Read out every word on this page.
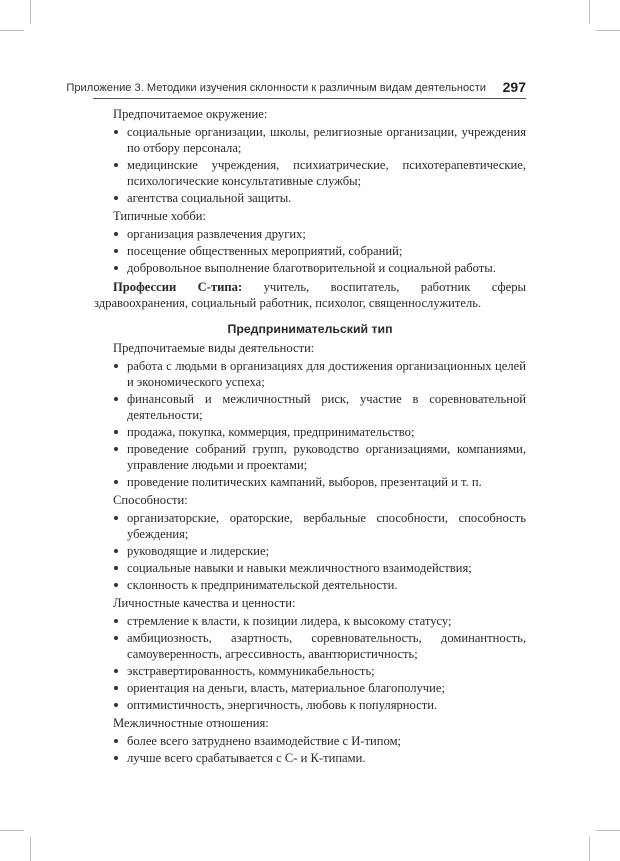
Приложение 3. Методики изучения склонности к различным видам деятельности 297

Предпочитаемое окружение:

социальные организации, школы, религиозные организации, учреждения по отбору персонала;
медицинские учреждения, психиатрические, психотерапевтические, психологические консультативные службы;
агентства социальной защиты.

Типичные хобби:

организация развлечения других;
посещение общественных мероприятий, собраний;
добровольное выполнение благотворительной и социальной работы.

Профессии С-типа: учитель, воспитатель, работник сферы здравоохранения, социальный работник, психолог, священнослужитель.

Предпринимательский тип

Предпочитаемые виды деятельности:

работа с людьми в организациях для достижения организационных целей и экономического успеха;
финансовый и межличностный риск, участие в соревновательной деятельности;
продажа, покупка, коммерция, предпринимательство;
проведение собраний групп, руководство организациями, компаниями, управление людьми и проектами;
проведение политических кампаний, выборов, презентаций и т. п.

Способности:

организаторские, ораторские, вербальные способности, способность убеждения;
руководящие и лидерские;
социальные навыки и навыки межличностного взаимодействия;
склонность к предпринимательской деятельности.

Личностные качества и ценности:

стремление к власти, к позиции лидера, к высокому статусу;
амбициозность, азартность, соревновательность, доминантность, самоуверенность, агрессивность, авантюристичность;
экстравертированность, коммуникабельность;
ориентация на деньги, власть, материальное благополучие;
оптимистичность, энергичность, любовь к популярности.

Межличностные отношения:

более всего затруднено взаимодействие с И-типом;
лучше всего срабатывается с С- и К-типами.
